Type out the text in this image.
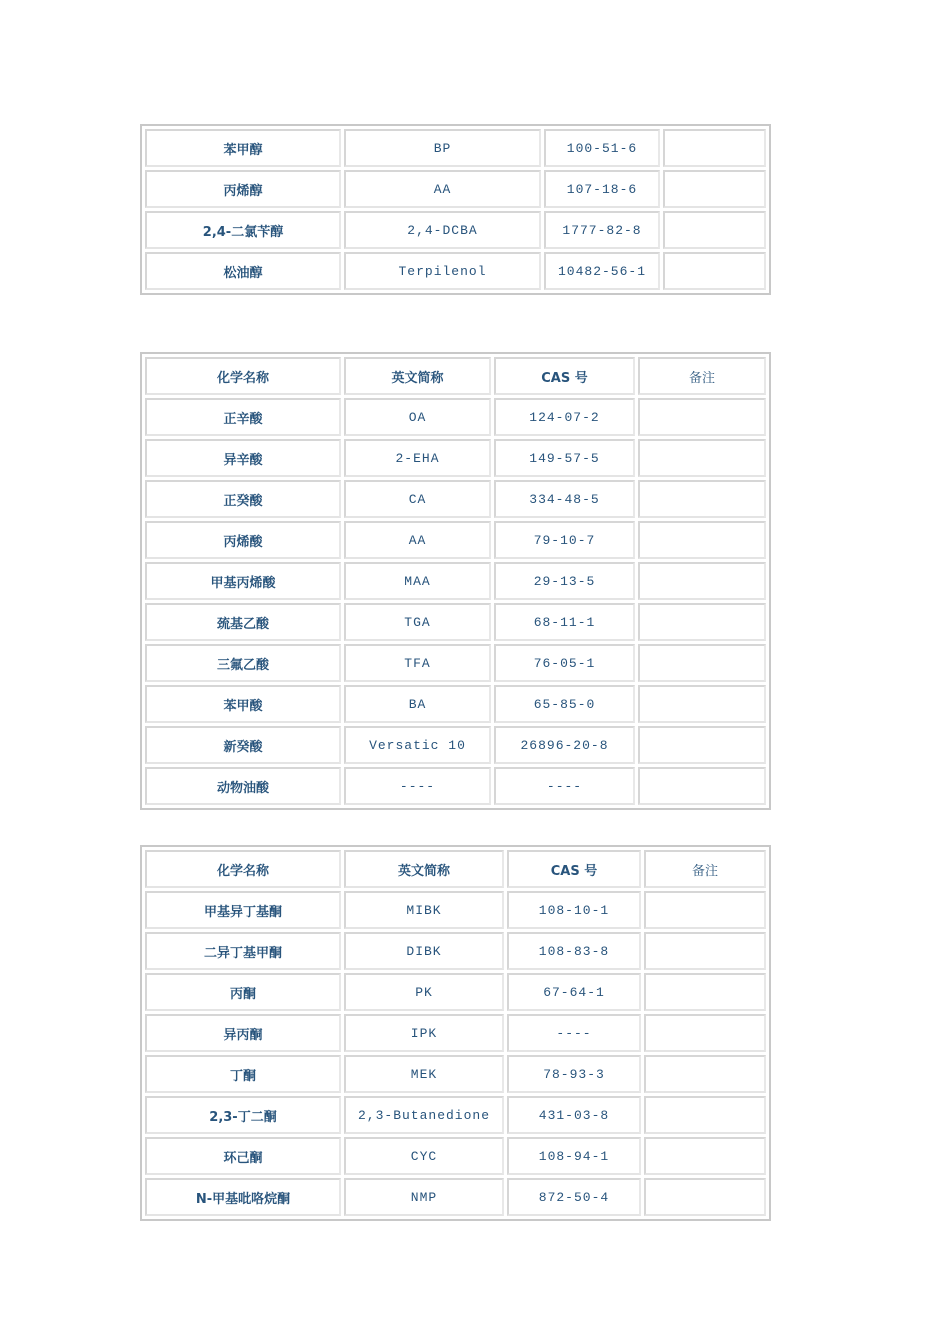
苯甲醇	BP	100-51-6	
丙烯醇	AA	107-18-6	
2,4-二氯苄醇	2,4-DCBA	1777-82-8	
松油醇	Terpilenol	10482-56-1	
化学名称	英文简称	CAS 号	备注
正辛酸	OA	124-07-2	
异辛酸	2-EHA	149-57-5	
正癸酸	CA	334-48-5	
丙烯酸	AA	79-10-7	
甲基丙烯酸	MAA	29-13-5	
巯基乙酸	TGA	68-11-1	
三氟乙酸	TFA	76-05-1	
苯甲酸	BA	65-85-0	
新癸酸	Versatic 10	26896-20-8	
动物油酸	----	----	
化学名称	英文简称	CAS 号	备注
甲基异丁基酮	MIBK	108-10-1	
二异丁基甲酮	DIBK	108-83-8	
丙酮	PK	67-64-1	
异丙酮	IPK	----	
丁酮	MEK	78-93-3	
2,3-丁二酮	2,3-Butanedione	431-03-8	
环己酮	CYC	108-94-1	
N-甲基吡咯烷酮	NMP	872-50-4	
